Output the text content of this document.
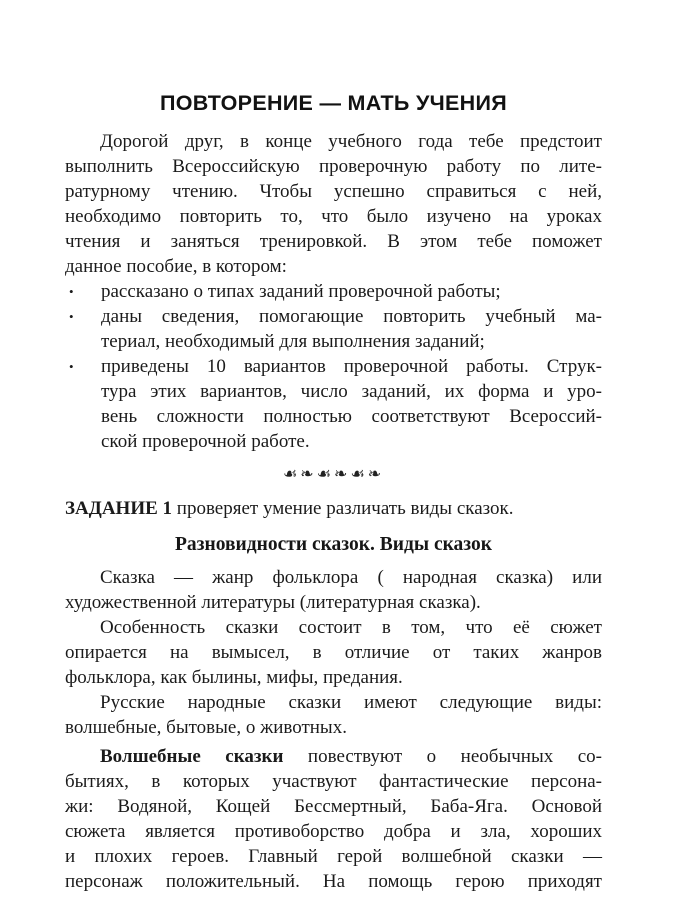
ПОВТОРЕНИЕ — МАТЬ УЧЕНИЯ
Дорогой друг, в конце учебного года тебе предстоит
выполнить Всероссийскую проверочную работу по лите-
ратурному чтению. Чтобы успешно справиться с ней,
необходимо повторить то, что было изучено на уроках
чтения и заняться тренировкой. В этом тебе поможет
данное пособие, в котором:
•	рассказано о типах заданий проверочной работы;
•	даны сведения, помогающие повторить учебный ма-
териал, необходимый для выполнения заданий;
•	приведены 10 вариантов проверочной работы. Струк-
тура этих вариантов, число заданий, их форма и уро-
вень сложности полностью соответствуют Всероссий-
ской проверочной работе.
☙❧☙❧☙❧
ЗАДАНИЕ 1 проверяет умение различать виды сказок.
Разновидности сказок. Виды сказок
Сказка — жанр фольклора ( народная сказка) или
художественной литературы (литературная сказка).
Особенность сказки состоит в том, что её сюжет
опирается на вымысел, в отличие от таких жанров
фольклора, как былины, мифы, предания.
Русские народные сказки имеют следующие виды:
волшебные, бытовые, о животных.
Волшебные сказки повествуют о необычных со-
бытиях, в которых участвуют фантастические персона-
жи: Водяной, Кощей Бессмертный, Баба-Яга. Основой
сюжета является противоборство добра и зла, хороших
и плохих героев. Главный герой волшебной сказки —
персонаж положительный. На помощь герою приходят
